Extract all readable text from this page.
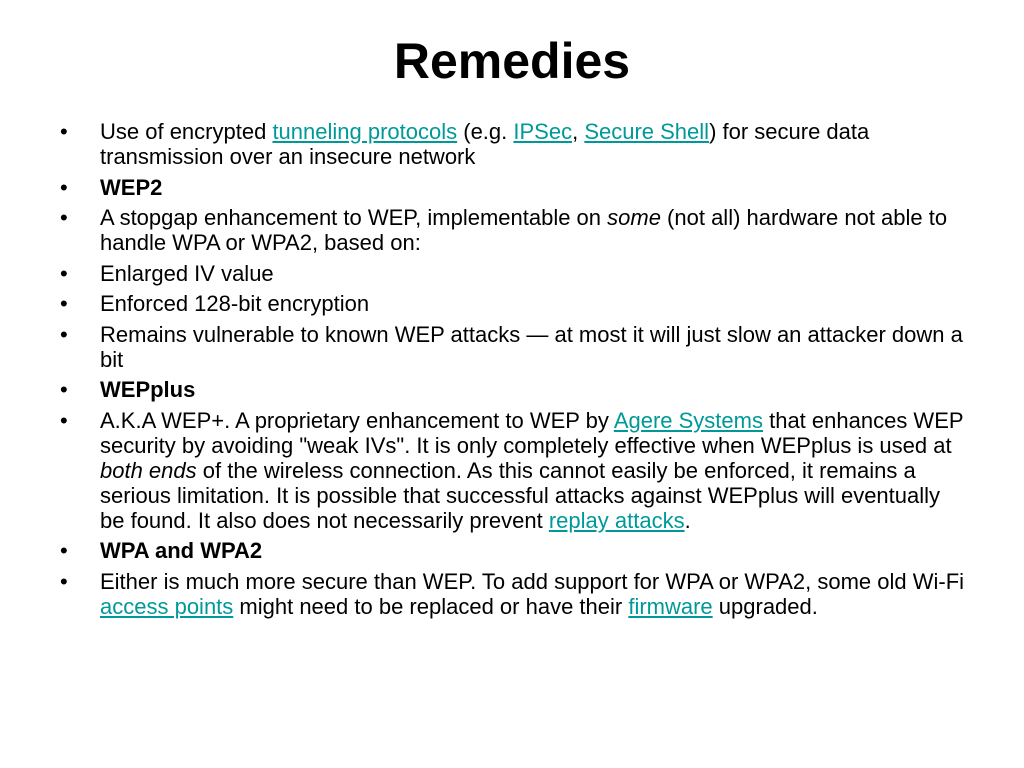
Remedies
• Use of encrypted tunneling protocols (e.g. IPSec, Secure Shell) for secure data transmission over an insecure network
• WEP2
• A stopgap enhancement to WEP, implementable on some (not all) hardware not able to handle WPA or WPA2, based on:
• Enlarged IV value
• Enforced 128-bit encryption
• Remains vulnerable to known WEP attacks — at most it will just slow an attacker down a bit
• WEPplus
• A.K.A WEP+. A proprietary enhancement to WEP by Agere Systems that enhances WEP security by avoiding "weak IVs". It is only completely effective when WEPplus is used at both ends of the wireless connection. As this cannot easily be enforced, it remains a serious limitation. It is possible that successful attacks against WEPplus will eventually be found. It also does not necessarily prevent replay attacks.
• WPA and WPA2
• Either is much more secure than WEP. To add support for WPA or WPA2, some old Wi-Fi access points might need to be replaced or have their firmware upgraded.
